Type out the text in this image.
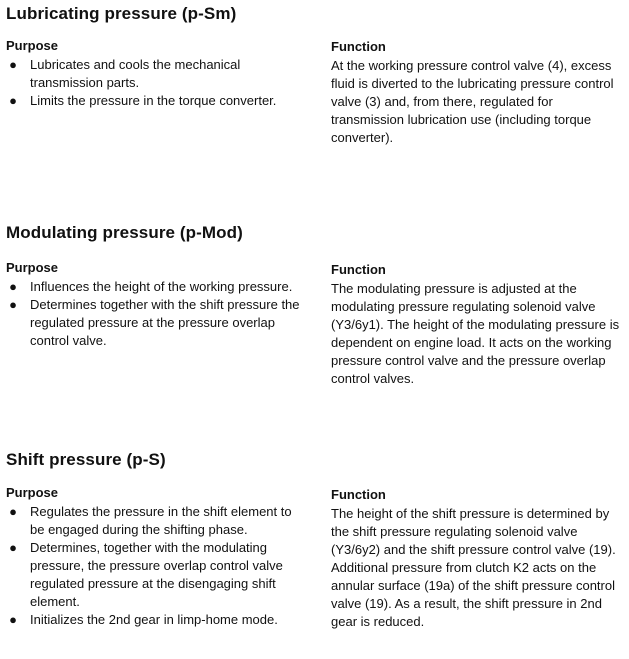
Lubricating pressure (p-Sm)
Purpose
● Lubricates and cools the mechanical transmission parts.
● Limits the pressure in the torque converter.
Function

At the working pressure control valve (4), excess fluid is diverted to the lubricating pressure control valve (3) and, from there, regulated for transmission lubrication use (including torque converter).

Modulating pressure (p-Mod)
Purpose
● Influences the height of the working pressure.
● Determines together with the shift pressure the regulated pressure at the pressure overlap control valve.
Function

The modulating pressure is adjusted at the modulating pressure regulating solenoid valve (Y3/6y1). The height of the modulating pressure is dependent on engine load. It acts on the working pressure control valve and the pressure overlap control valves.

Shift pressure (p-S)
Purpose
● Regulates the pressure in the shift element to be engaged during the shifting phase.
● Determines, together with the modulating pressure, the pressure overlap control valve regulated pressure at the disengaging shift element.
● Initializes the 2nd gear in limp-home mode.
Function

The height of the shift pressure is determined by the shift pressure regulating solenoid valve (Y3/6y2) and the shift pressure control valve (19).
Additional pressure from clutch K2 acts on the annular surface (19a) of the shift pressure control valve (19). As a result, the shift pressure in 2nd gear is reduced.
